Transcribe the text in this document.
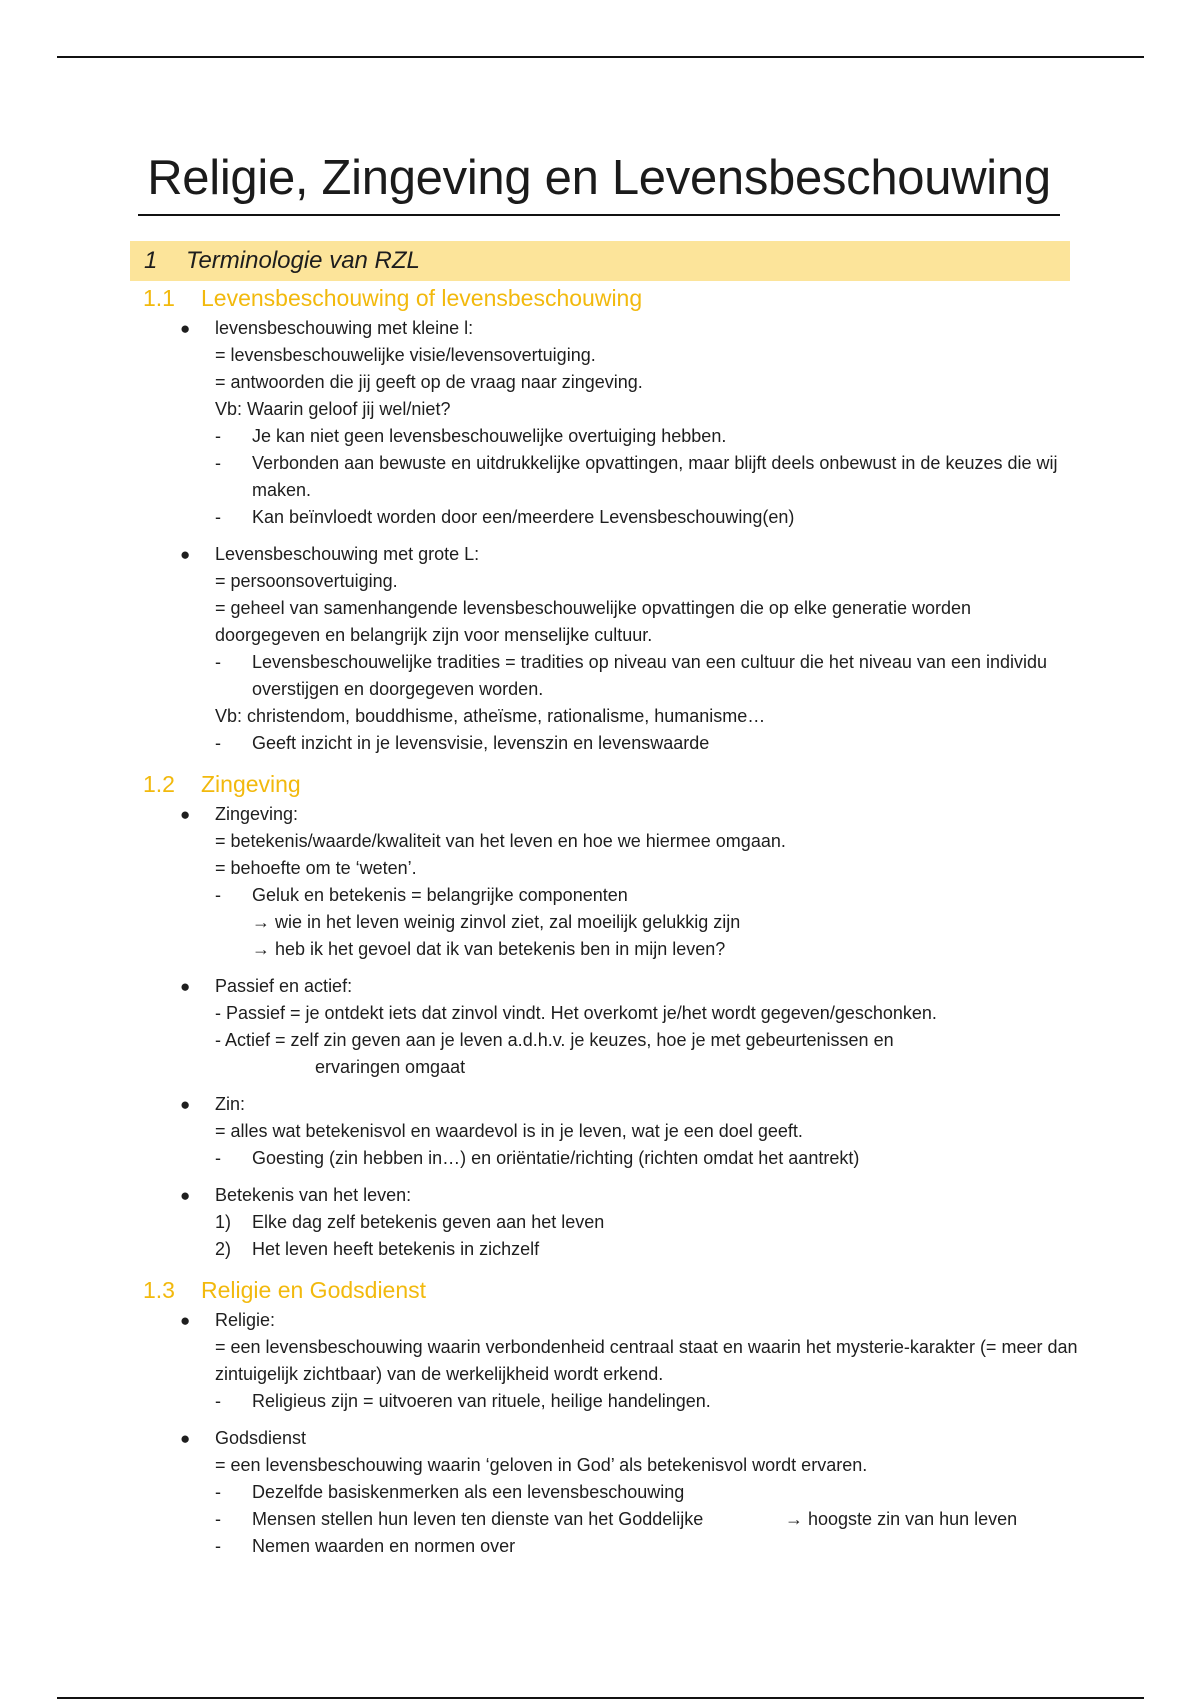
Religie, Zingeving en Levensbeschouwing
1 Terminologie van RZL
1.1 Levensbeschouwing of levensbeschouwing
● levensbeschouwing met kleine l:
= levensbeschouwelijke visie/levensovertuiging.
= antwoorden die jij geeft op de vraag naar zingeving.
Vb: Waarin geloof jij wel/niet?
- Je kan niet geen levensbeschouwelijke overtuiging hebben.
- Verbonden aan bewuste en uitdrukkelijke opvattingen, maar blijft deels onbewust in de keuzes die wij maken.
- Kan beïnvloedt worden door een/meerdere Levensbeschouwing(en)
● Levensbeschouwing met grote L:
= persoonsovertuiging.
= geheel van samenhangende levensbeschouwelijke opvattingen die op elke generatie worden doorgegeven en belangrijk zijn voor menselijke cultuur.
- Levensbeschouwelijke tradities = tradities op niveau van een cultuur die het niveau van een individu overstijgen en doorgegeven worden.
Vb: christendom, bouddhisme, atheïsme, rationalisme, humanisme…
- Geeft inzicht in je levensvisie, levenszin en levenswaarde
1.2 Zingeving
● Zingeving:
= betekenis/waarde/kwaliteit van het leven en hoe we hiermee omgaan.
= behoefte om te ‘weten’.
- Geluk en betekenis = belangrijke componenten
→ wie in het leven weinig zinvol ziet, zal moeilijk gelukkig zijn
→ heb ik het gevoel dat ik van betekenis ben in mijn leven?
● Passief en actief:
- Passief = je ontdekt iets dat zinvol vindt. Het overkomt je/het wordt gegeven/geschonken.
- Actief = zelf zin geven aan je leven a.d.h.v. je keuzes, hoe je met gebeurtenissen en
ervaringen omgaat
● Zin:
= alles wat betekenisvol en waardevol is in je leven, wat je een doel geeft.
- Goesting (zin hebben in…) en oriëntatie/richting (richten omdat het aantrekt)
● Betekenis van het leven:
1) Elke dag zelf betekenis geven aan het leven
2) Het leven heeft betekenis in zichzelf
1.3 Religie en Godsdienst
● Religie:
= een levensbeschouwing waarin verbondenheid centraal staat en waarin het mysterie-karakter (= meer dan zintuigelijk zichtbaar) van de werkelijkheid wordt erkend.
- Religieus zijn = uitvoeren van rituele, heilige handelingen.
● Godsdienst
= een levensbeschouwing waarin ‘geloven in God’ als betekenisvol wordt ervaren.
- Dezelfde basiskenmerken als een levensbeschouwing
- Mensen stellen hun leven ten dienste van het Goddelijke	→ hoogste zin van hun leven
- Nemen waarden en normen over
